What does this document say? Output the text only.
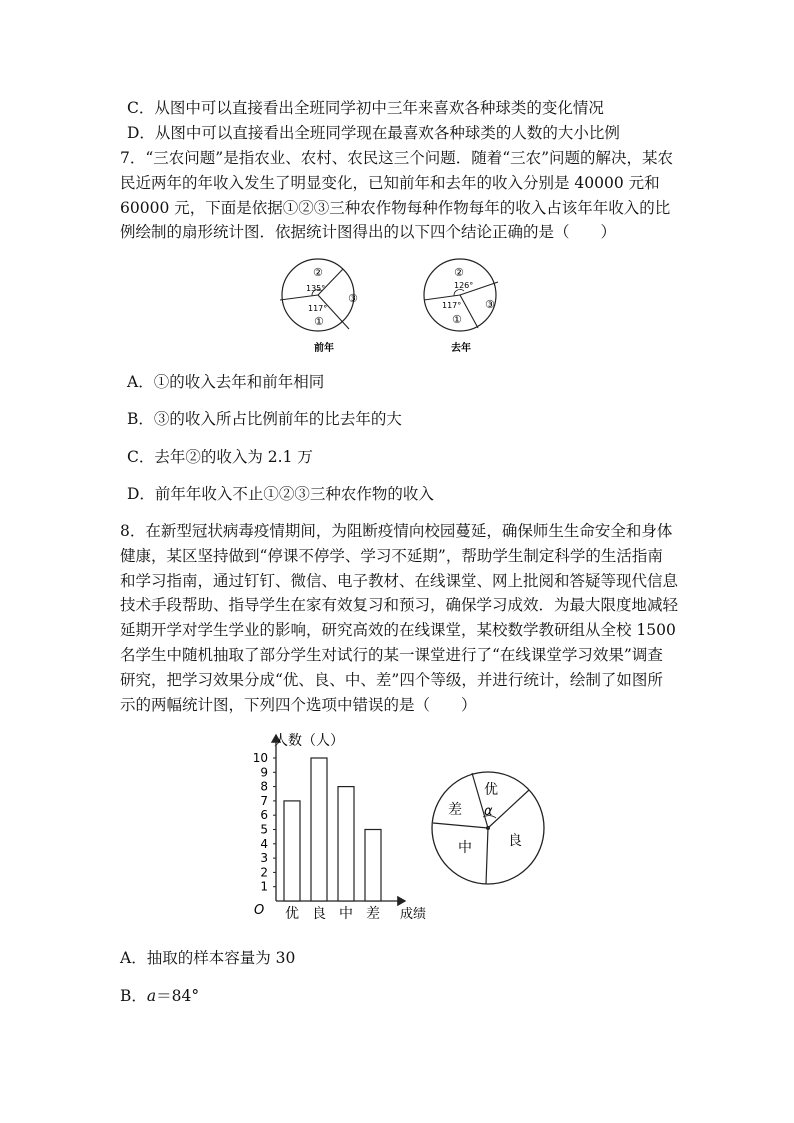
C．从图中可以直接看出全班同学初中三年来喜欢各种球类的变化情况
D．从图中可以直接看出全班同学现在最喜欢各种球类的人数的大小比例
7．“三农问题”是指农业、农村、农民这三个问题．随着“三农”问题的解决，某农民近两年的年收入发生了明显变化，已知前年和去年的收入分别是 40000 元和 60000 元，下面是依据①②③三种农作物每种作物每年的收入占该年年收入的比例绘制的扇形统计图．依据统计图得出的以下四个结论正确的是（　　）
②
③
①
135°
117°
前年
②
③
①
126°
117°
去年
A．①的收入去年和前年相同
B．③的收入所占比例前年的比去年的大
C．去年②的收入为 2.1 万
D．前年年收入不止①②③三种农作物的收入
8．在新型冠状病毒疫情期间，为阻断疫情向校园蔓延，确保师生生命安全和身体健康，某区坚持做到“停课不停学、学习不延期”，帮助学生制定科学的生活指南和学习指南，通过钉钉、微信、电子教材、在线课堂、网上批阅和答疑等现代信息技术手段帮助、指导学生在家有效复习和预习，确保学习成效．为最大限度地减轻延期开学对学生学业的影响，研究高效的在线课堂，某校数学教研组从全校 1500 名学生中随机抽取了部分学生对试行的某一课堂进行了“在线课堂学习效果”调查研究，把学习效果分成“优、良、中、差”四个等级，并进行统计，绘制了如图所示的两幅统计图，下列四个选项中错误的是（　　）
人数（人）
成绩
O
1
2
3
4
5
6
7
8
9
10
优 良 中 差
优
良
中
差 α
A．抽取的样本容量为 30
B．a＝84°
